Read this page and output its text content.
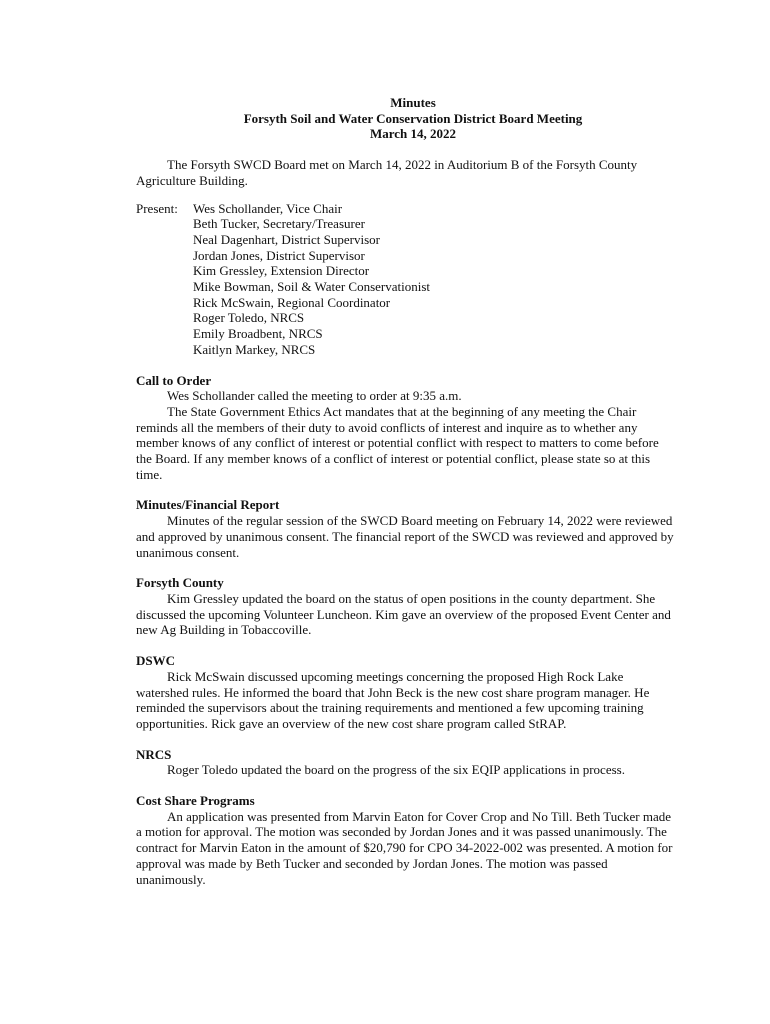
Minutes
Forsyth Soil and Water Conservation District Board Meeting
March 14, 2022

The Forsyth SWCD Board met on March 14, 2022 in Auditorium B of the Forsyth County Agriculture Building.

Present:	Wes Schollander, Vice Chair
Beth Tucker, Secretary/Treasurer
Neal Dagenhart, District Supervisor
Jordan Jones, District Supervisor
Kim Gressley, Extension Director
Mike Bowman, Soil & Water Conservationist
Rick McSwain, Regional Coordinator
Roger Toledo, NRCS
Emily Broadbent, NRCS
Kaitlyn Markey, NRCS
Call to Order

Wes Schollander called the meeting to order at 9:35 a.m.

The State Government Ethics Act mandates that at the beginning of any meeting the Chair reminds all the members of their duty to avoid conflicts of interest and inquire as to whether any member knows of any conflict of interest or potential conflict with respect to matters to come before the Board. If any member knows of a conflict of interest or potential conflict, please state so at this time.

Minutes/Financial Report

Minutes of the regular session of the SWCD Board meeting on February 14, 2022 were reviewed and approved by unanimous consent. The financial report of the SWCD was reviewed and approved by unanimous consent.

Forsyth County

Kim Gressley updated the board on the status of open positions in the county department. She discussed the upcoming Volunteer Luncheon. Kim gave an overview of the proposed Event Center and new Ag Building in Tobaccoville.

DSWC

Rick McSwain discussed upcoming meetings concerning the proposed High Rock Lake watershed rules. He informed the board that John Beck is the new cost share program manager. He reminded the supervisors about the training requirements and mentioned a few upcoming training opportunities. Rick gave an overview of the new cost share program called StRAP.

NRCS

Roger Toledo updated the board on the progress of the six EQIP applications in process.

Cost Share Programs

An application was presented from Marvin Eaton for Cover Crop and No Till. Beth Tucker made a motion for approval. The motion was seconded by Jordan Jones and it was passed unanimously. The contract for Marvin Eaton in the amount of $20,790 for CPO 34-2022-002 was presented. A motion for approval was made by Beth Tucker and seconded by Jordan Jones. The motion was passed unanimously.
